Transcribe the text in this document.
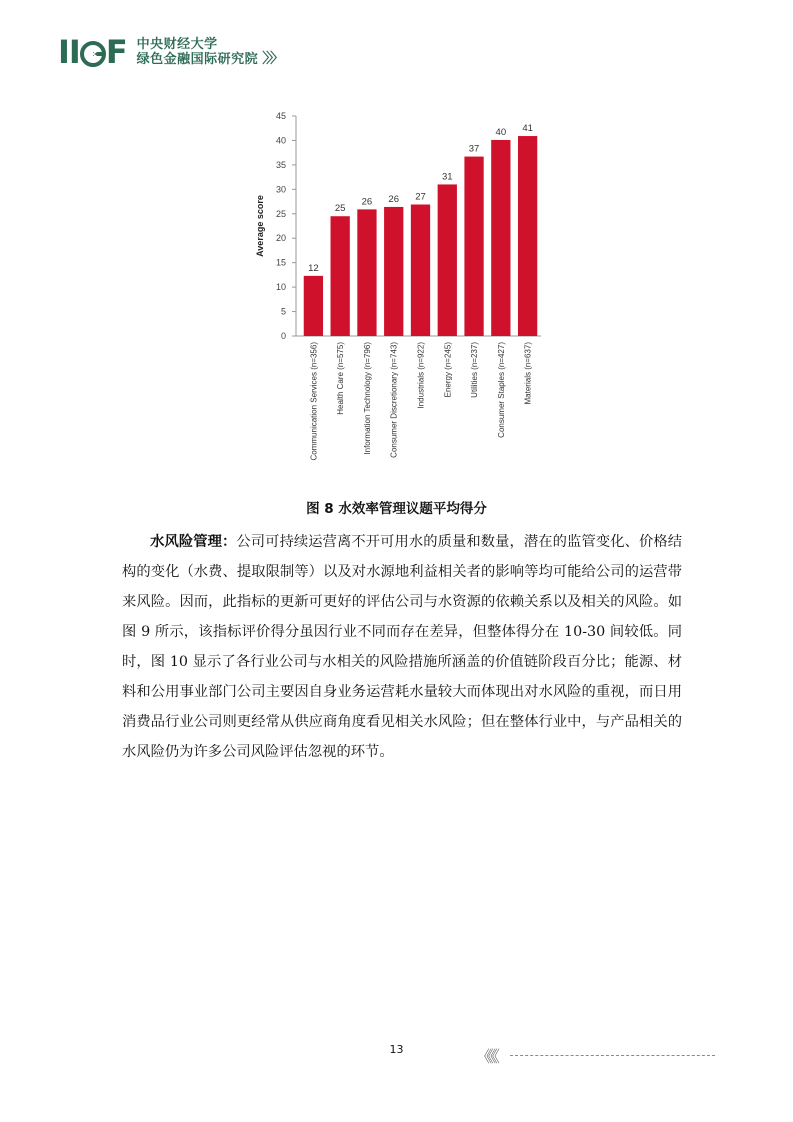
II F 中央财经大学
绿色金融国际研究院 〉〉〉
0
5
10
15
20
25
30
35
40
45
Average score
12
Communication Services (n=356)
25
Health Care (n=575)
26
Information Technology (n=796)
26
Consumer Discretionary (n=743)
27
Industrials (n=922)
31
Energy (n=245)
37
Utilities (n=237)
40
Consumer Staples (n=427)
41
Materials (n=637)
图 8 水效率管理议题平均得分
水风险管理：公司可持续运营离不开可用水的质量和数量，潜在的监管变化、价格结构的变化（水费、提取限制等）以及对水源地利益相关者的影响等均可能给公司的运营带来风险。因而，此指标的更新可更好的评估公司与水资源的依赖关系以及相关的风险。如图 9 所示，该指标评价得分虽因行业不同而存在差异，但整体得分在 10-30 间较低。同时，图 10 显示了各行业公司与水相关的风险措施所涵盖的价值链阶段百分比；能源、材料和公用事业部门公司主要因自身业务运营耗水量较大而体现出对水风险的重视，而日用消费品行业公司则更经常从供应商角度看见相关水风险；但在整体行业中，与产品相关的水风险仍为许多公司风险评估忽视的环节。
13	《《《
